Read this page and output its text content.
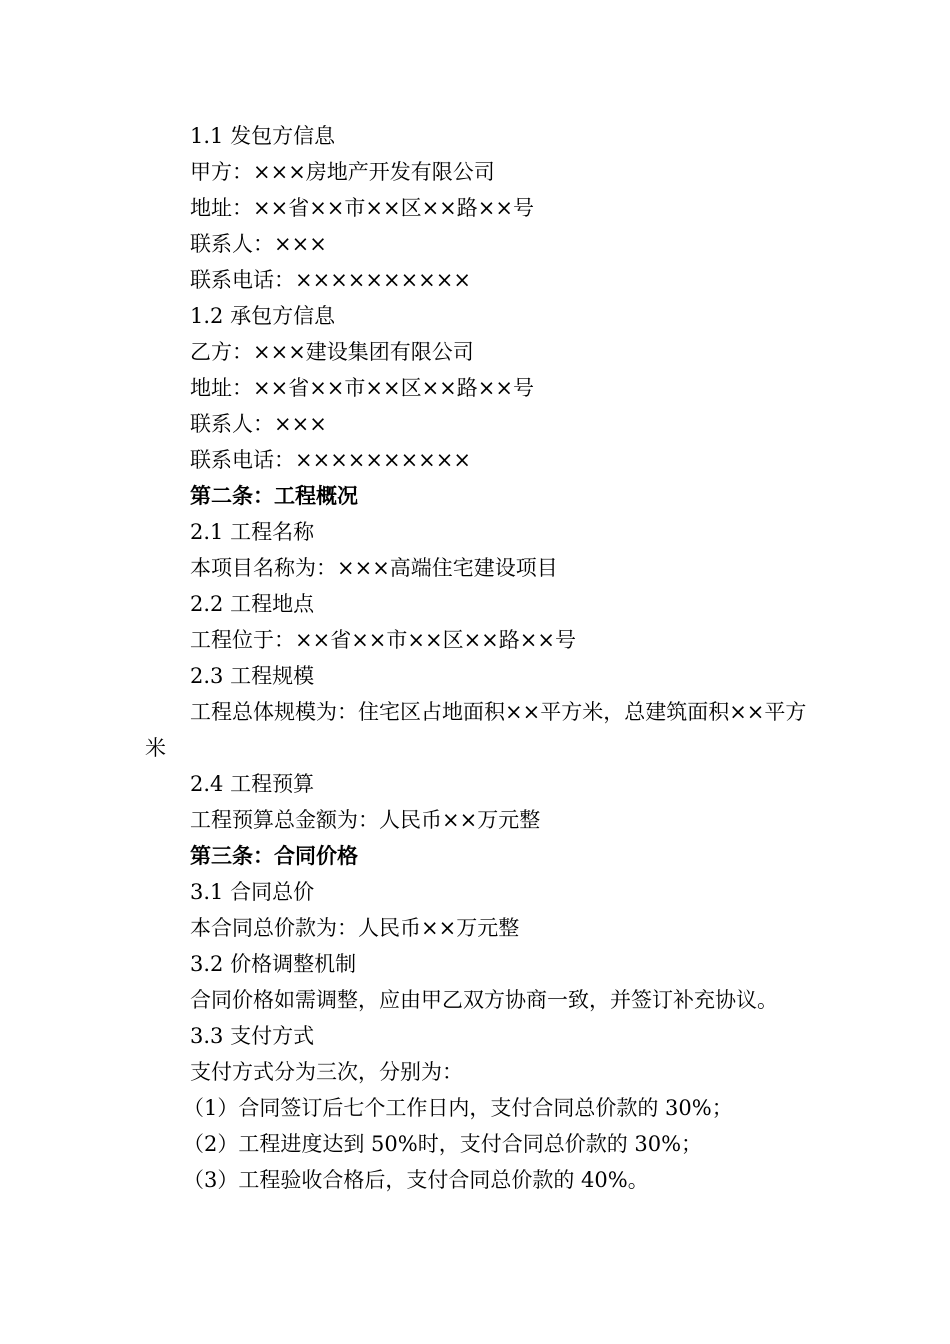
1.1 发包方信息
甲方：×××房地产开发有限公司
地址：××省××市××区××路××号
联系人：×××
联系电话：××××××××××
1.2 承包方信息
乙方：×××建设集团有限公司
地址：××省××市××区××路××号
联系人：×××
联系电话：××××××××××
第二条：工程概况
2.1 工程名称
本项目名称为：×××高端住宅建设项目
2.2 工程地点
工程位于：××省××市××区××路××号
2.3 工程规模
工程总体规模为：住宅区占地面积××平方米，总建筑面积××平方米
2.4 工程预算
工程预算总金额为：人民币××万元整
第三条：合同价格
3.1 合同总价
本合同总价款为：人民币××万元整
3.2 价格调整机制
合同价格如需调整，应由甲乙双方协商一致，并签订补充协议。
3.3 支付方式
支付方式分为三次，分别为：
（1）合同签订后七个工作日内，支付合同总价款的 30%；
（2）工程进度达到 50%时，支付合同总价款的 30%；
（3）工程验收合格后，支付合同总价款的 40%。
